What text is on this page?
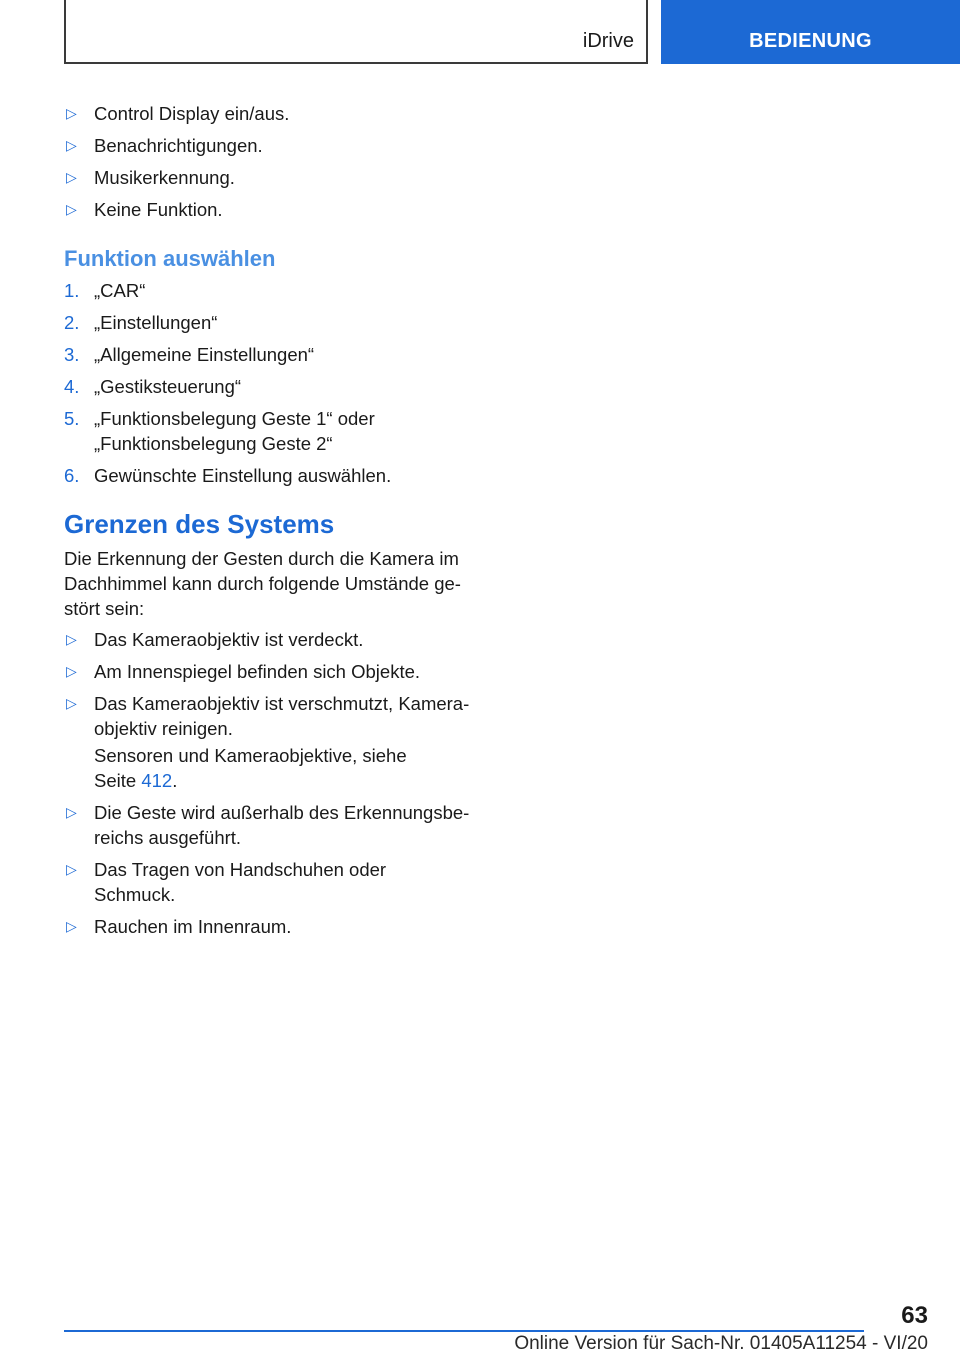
iDrive	BEDIENUNG
▷ Control Display ein/aus.
▷ Benachrichtigungen.
▷ Musikerkennung.
▷ Keine Funktion.
Funktion auswählen
1. „CAR“
2. „Einstellungen“
3. „Allgemeine Einstellungen“
4. „Gestiksteuerung“
5. „Funktionsbelegung Geste 1“ oder
„Funktionsbelegung Geste 2“
6. Gewünschte Einstellung auswählen.
Grenzen des Systems

Die Erkennung der Gesten durch die Kamera im
Dachhimmel kann durch folgende Umstände ge-
stört sein:

▷ Das Kameraobjektiv ist verdeckt.
▷ Am Innenspiegel befinden sich Objekte.
▷ Das Kameraobjektiv ist verschmutzt, Kamera-
objektiv reinigen.
Sensoren und Kameraobjektive, siehe
Seite 412.
▷ Die Geste wird außerhalb des Erkennungsbe-
reichs ausgeführt.
▷ Das Tragen von Handschuhen oder
Schmuck.
▷ Rauchen im Innenraum.
63
Online Version für Sach-Nr. 01405A11254 - VI/20
